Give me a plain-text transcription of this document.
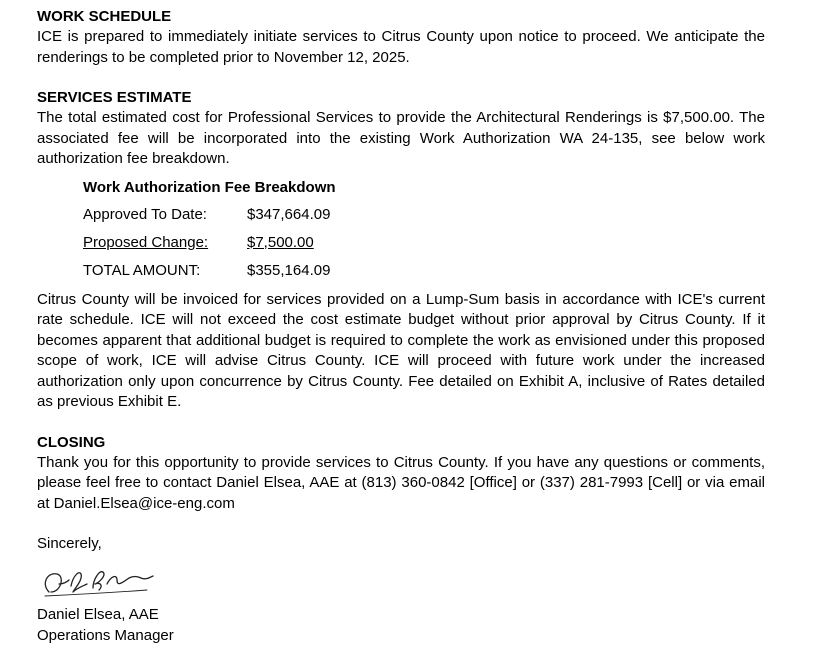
WORK SCHEDULE
ICE is prepared to immediately initiate services to Citrus County upon notice to proceed. We anticipate the renderings to be completed prior to November 12, 2025.
SERVICES ESTIMATE
The total estimated cost for Professional Services to provide the Architectural Renderings is $7,500.00. The associated fee will be incorporated into the existing Work Authorization WA 24-135, see below work authorization fee breakdown.
Work Authorization Fee Breakdown
Approved To Date:	$347,664.09
Proposed Change:	$7,500.00
TOTAL AMOUNT:	$355,164.09
Citrus County will be invoiced for services provided on a Lump-Sum basis in accordance with ICE's current rate schedule. ICE will not exceed the cost estimate budget without prior approval by Citrus County. If it becomes apparent that additional budget is required to complete the work as envisioned under this proposed scope of work, ICE will advise Citrus County. ICE will proceed with future work under the increased authorization only upon concurrence by Citrus County. Fee detailed on Exhibit A, inclusive of Rates detailed as previous Exhibit E.
CLOSING
Thank you for this opportunity to provide services to Citrus County. If you have any questions or comments, please feel free to contact Daniel Elsea, AAE at (813) 360-0842 [Office] or (337) 281-7993 [Cell] or via email at Daniel.Elsea@ice-eng.com
Sincerely,
Daniel Elsea, AAE
Operations Manager
